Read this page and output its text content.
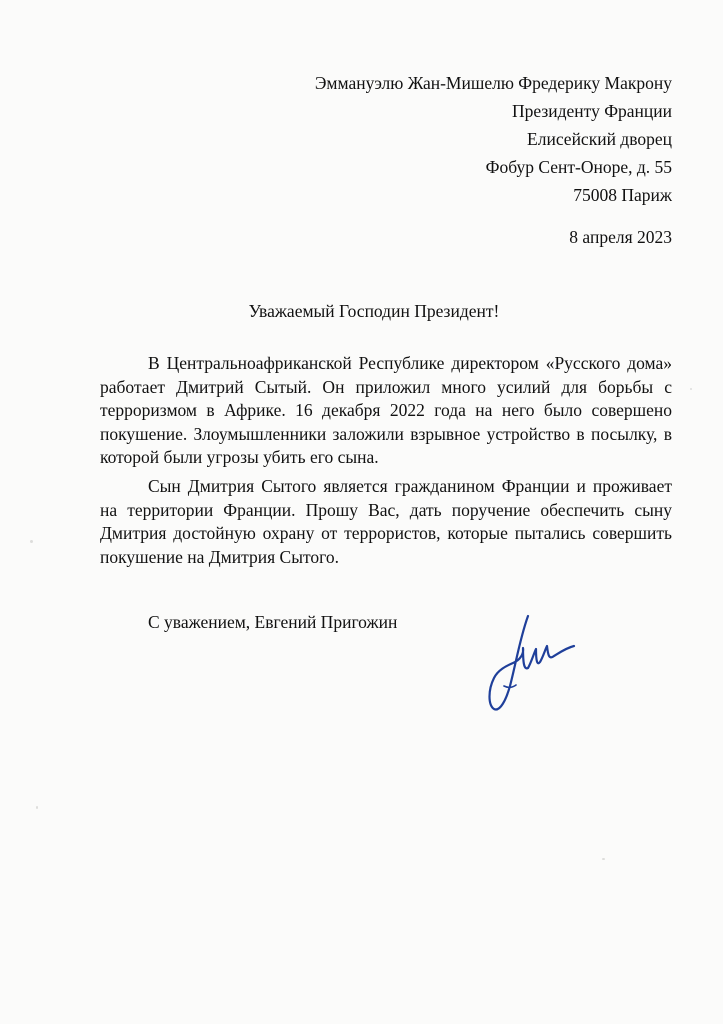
Эммануэлю Жан-Мишелю Фредерику Макрону
Президенту Франции
Елисейский дворец
Фобур Сент-Оноре, д. 55
75008 Париж
8 апреля 2023
Уважаемый Господин Президент!

В Центральноафриканской Республике директором «Русского дома» работает Дмитрий Сытый. Он приложил много усилий для борьбы с терроризмом в Африке. 16 декабря 2022 года на него было совершено покушение. Злоумышленники заложили взрывное устройство в посылку, в которой были угрозы убить его сына.

Сын Дмитрия Сытого является гражданином Франции и проживает на территории Франции. Прошу Вас, дать поручение обеспечить сыну Дмитрия достойную охрану от террористов, которые пытались совершить покушение на Дмитрия Сытого.

С уважением, Евгений Пригожин
